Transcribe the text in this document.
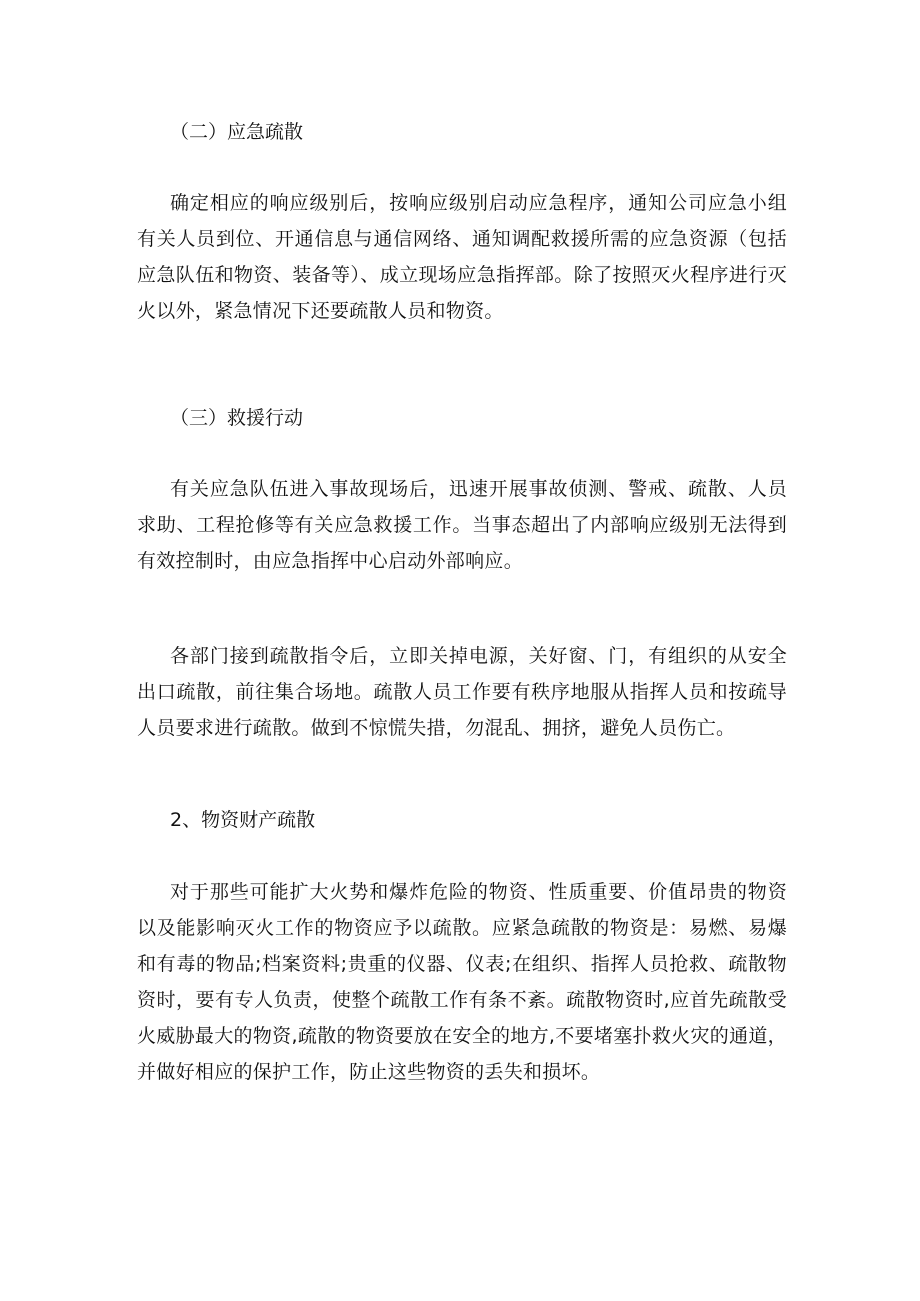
（二）应急疏散
确定相应的响应级别后，按响应级别启动应急程序，通知公司应急小组有关人员到位、开通信息与通信网络、通知调配救援所需的应急资源（包括应急队伍和物资、装备等）、成立现场应急指挥部。除了按照灭火程序进行灭火以外，紧急情况下还要疏散人员和物资。
（三）救援行动
有关应急队伍进入事故现场后，迅速开展事故侦测、警戒、疏散、人员求助、工程抢修等有关应急救援工作。当事态超出了内部响应级别无法得到有效控制时，由应急指挥中心启动外部响应。
各部门接到疏散指令后，立即关掉电源，关好窗、门，有组织的从安全出口疏散，前往集合场地。疏散人员工作要有秩序地服从指挥人员和按疏导人员要求进行疏散。做到不惊慌失措，勿混乱、拥挤，避免人员伤亡。
2、物资财产疏散
对于那些可能扩大火势和爆炸危险的物资、性质重要、价值昂贵的物资以及能影响灭火工作的物资应予以疏散。应紧急疏散的物资是：易燃、易爆和有毒的物品;档案资料;贵重的仪器、仪表;在组织、指挥人员抢救、疏散物资时，要有专人负责，使整个疏散工作有条不紊。疏散物资时,应首先疏散受火威胁最大的物资,疏散的物资要放在安全的地方,不要堵塞扑救火灾的通道，并做好相应的保护工作，防止这些物资的丢失和损坏。
